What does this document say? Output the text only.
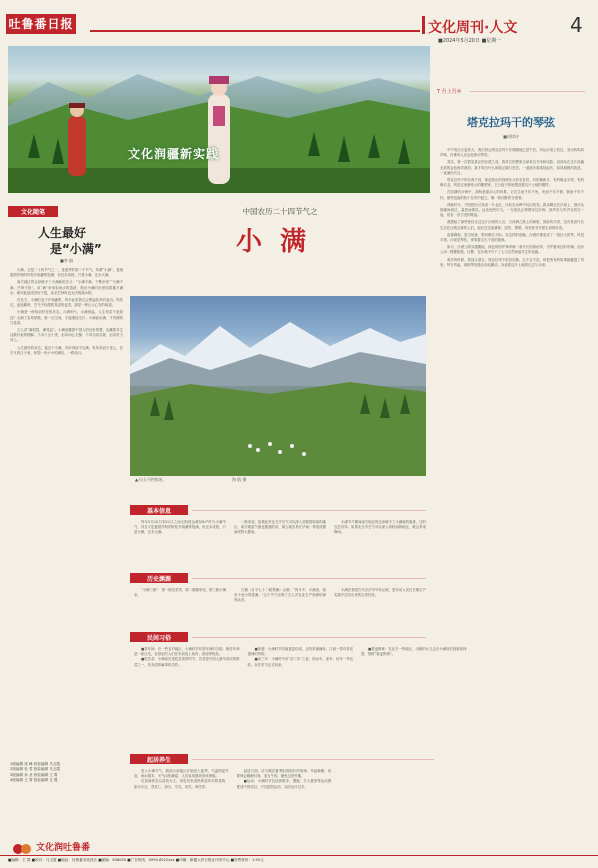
吐鲁番日报	文化周刊·人文	4
■2024年5月20日 ■星期一
文化润疆新实践
T 吾土吾乡
塔克拉玛干的琴弦
■胡律诗

中午的沙丘更高大，我们到达塔克拉玛干沙漠腹地已是午后，风从沙梁上吹过，发出呜呜的声响，仿佛有人在远处拨动琴弦。

其实，第一次看见真正的沙漠之前，我对它的想象全部来自书本和电影。直到站在这片浩瀚无垠的金色海洋面前，我才明白什么叫做辽阔与苍茫。一道道沙梁绵延起伏，如同凝固的波浪，一直涌向天边。

塔克拉玛干的沙漠不同，被创造出的独特沙丘形态各异，有的像新月，有的像金字塔，有的像长龙。风是这里最伟大的雕塑家，它日夜不停地塑造着这片土地的模样。

在寂静的沙海中，胡杨是最动人的风景。它们生而千年不死，死而千年不倒，倒而千年不朽。那些扭曲的枝干在风中挺立，像一群沉默的守望者。

傍晚时分，夕阳把沙丘染成一片金红，沙粒在余晖中闪闪发亮。我赤脚走在沙梁上，细沙从指缝间流过，温热而柔软。远处驼铃叮当，一支驼队正缓缓穿过沙海，那声音与风声交织在一起，宛若一首古老的歌谣。

我想起了那些曾经走过这片沙漠的人们，古丝绸之路上的商旅，探险的学者，还有世世代代生活在沙漠边缘的人们。他们在这里耕种、放牧、歌唱，用坚韧书写着生命的传奇。

夜幕降临，星空低垂，银河横亘天际。在这样的夜晚，沙漠仿佛变成了一架巨大的琴，风是手指，沙梁是琴弦，弹奏着亘古不变的旋律。

如今，沙漠公路穿越腹地，绿色的防护林带像一条长长的绿丝带，守护着来往的车辆。治沙人用一棵棵梭梭、红柳，在沙漠中写下了人与自然和谐共生的诗篇。

离开的时候，我回头望去，塔克拉玛干依旧沉静。它不言不语，却把所有的故事都藏进了风里。每当风起，那根琴弦便会轻轻颤动，诉说着这片土地的过去与未来。

文化随笔
人生最好
是“小满”
■李 娟

小满，它是二十四节气之一，是夏季的第二个节气。所谓“小满”，是指夏熟作物的籽粒开始灌浆饱满，但还未成熟，只是小满，还未大满。

南方地区的农谚赋予了小满新的含义：“小满不满，干断田坎”“小满不满，芒种不管”。用“满”来形容雨水的盈缺，指出小满时田里如果蓄不满水，就可能造成田坎干裂，甚至芒种时也无法栽插水稻。

在北方，小满时麦子开始灌浆，每年此时我总会想起故乡的麦田。风吹过，麦浪翻滚，空气中弥漫着青涩的麦香，那是一种让人心安的味道。

小满是一种恰到好处的状态。月满则亏，水满则溢，人生何尝不是如此？太满了容易骄傲，留一点空间，才能继续生长；小满而未满，才有期待与希望。

古人讲“满招损，谦受益”。小满里藏着中国人的处世智慧，也藏着对生活最朴素的理解。不求十全十美，但求问心无愧；不求功成名就，但求努力向上。

人生最好的状态，莫过于小满。有所得而不自满，有所求而不贪心，在平凡的日子里，怀揣一份小小的满足，一路前行。

1版编辑 梁 峰 校检编辑 马玉霞
2版编辑 杜 君 校检编辑 马玉霞
3版编辑 孙 圣 校检编辑 王 霄
4版编辑 王 霄 校检编辑 支 璟
文化润吐鲁番
中国农历二十四节气之
小满
▲天山下的牧场。	海 鸥 摄
基本信息

每年5月20日到22日之间太阳到达黄经60°时为小满节气。其含义是夏熟作物的籽粒开始灌浆饱满，但还未成熟，只是小满，还未大满。

一般来说，如果此时北方冷空气可以深入到我国较南的地区，南方暖湿气流也强盛的话，那么就容易在华南一带造成暴雨或特大暴雨。

小满节气期间南方地区的农谚赋予了小满新的寓意，这时宜忌各异。如果北方冷空气可以深入到较南的地区，就会带来降雨。

历史渊源

“小满三候”：第一候苦菜秀，第二候靡草死，第三候小暑至。

古籍《月令七十二候集解》记载：“四月中，小满者，物至于此小得盈满。”这个节气反映了古人对农业生产规律的深刻认识。

小满在我国古代历法中早有记载，是劳动人民在长期生产实践中总结出来的宝贵经验。

民间习俗

■祭车神：在一些农村地区，小满时节有祭车神的习俗。相传车神是一条白龙，在祭祀时人们在车前放上鱼肉、香烛等物品。

■吃苦菜：小满前后是吃苦菜的时节，苦菜是中国人最早食用的野菜之一，具有清热解毒的功效。

■祭蚕：小满时节恰值蚕茧结成，正待采摘缫丝，江南一带有祭祀蚕神的风俗。

■动三车：小满时节有“动三车”之说，即水车、油车、丝车一齐运转，农忙时节正式到来。

■看麦梢黄：在北方一些地区，出嫁的女儿会在小满前后回娘家探望，俗称“看麦梢黄”。

起居养生

进入小满节气，我国大部地区开始进入夏季，气温明显升高，雨水增多，天气闷热潮湿，人们容易感到身体困倦。

饮食调养宜以清淡为主，常吃具有清热利湿作用的食物，如赤小豆、薏苡仁、绿豆、冬瓜、丝瓜、黄瓜等。

起居方面，应当顺应夏季阳消阴长的规律，早起晚睡，但要保证睡眠时间，适当午休，避免过度劳累。

■运动：小满时节宜选择散步、慢跑、打太极拳等运动强度适中的项目，不宜剧烈运动，以防出汗过多。

■编辑：王 霄 ■校对：马玉霞 ■地址：吐鲁番市高昌区 ■邮编：838000 ■广告热线：0995-8522xxx ■印刷：新疆人民日报社印务中心 ■零售每份：1.50元
